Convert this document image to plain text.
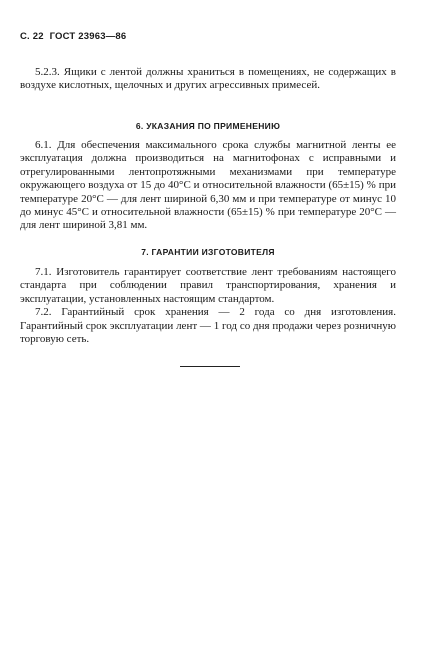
С. 22 ГОСТ 23963—86

5.2.3. Ящики с лентой должны храниться в помещениях, не содержащих в воздухе кислотных, щелочных и других агрессивных примесей.

6. УКАЗАНИЯ ПО ПРИМЕНЕНИЮ

6.1. Для обеспечения максимального срока службы магнитной ленты ее эксплуатация должна производиться на магнитофонах с исправными и отрегулированными лентопротяжными механизмами при температуре окружающего воздуха от 15 до 40°С и относительной влажности (65±15) % при температуре 20°С — для лент шириной 6,30 мм и при температуре от минус 10 до минус 45°С и относительной влажности (65±15) % при температуре 20°С — для лент шириной 3,81 мм.

7. ГАРАНТИИ ИЗГОТОВИТЕЛЯ

7.1. Изготовитель гарантирует соответствие лент требованиям настоящего стандарта при соблюдении правил транспортирования, хранения и эксплуатации, установленных настоящим стандартом.

7.2. Гарантийный срок хранения — 2 года со дня изготовления. Гарантийный срок эксплуатации лент — 1 год со дня продажи через розничную торговую сеть.
